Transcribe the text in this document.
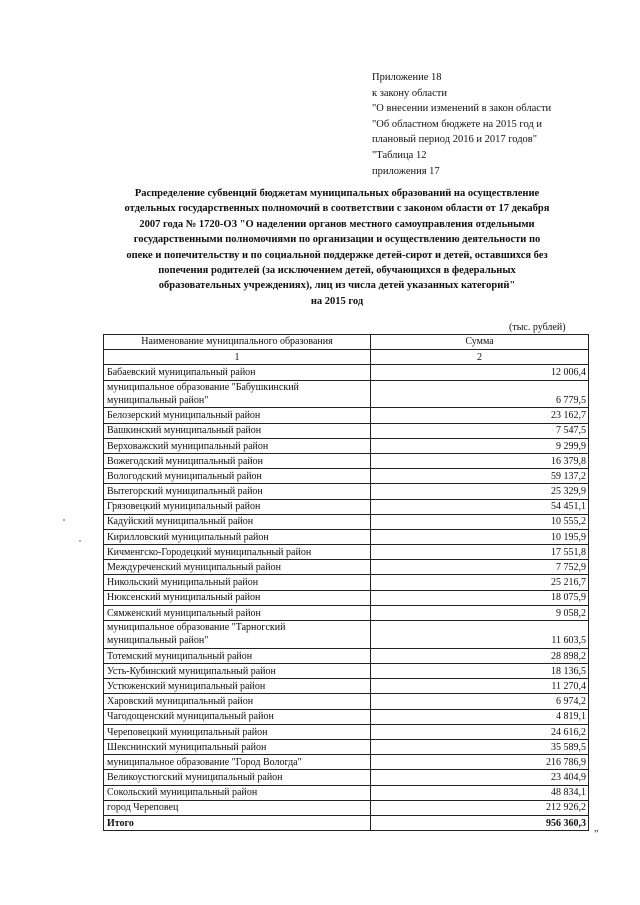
Приложение 18
к закону области
"О внесении изменений в закон области
"Об областном бюджете на 2015 год и
плановый период 2016 и 2017 годов"
"Таблица 12
приложения 17
Распределение субвенций бюджетам муниципальных образований на осуществление
отдельных государственных полномочий в соответствии с законом области от 17 декабря
2007 года № 1720-ОЗ "О наделении органов местного самоуправления отдельными
государственными полномочиями по организации и осуществлению деятельности по
опеке и попечительству и по социальной поддержке детей-сирот и детей, оставшихся без
попечения родителей (за исключением детей, обучающихся в федеральных
образовательных учреждениях), лиц из числа детей указанных категорий"
на 2015 год
(тыс. рублей)
Наименование муниципального образования	Сумма
1	2

Бабаевский муниципальный район	12 006,4

муниципальное образование "Бабушкинский
муниципальный район"	6 779,5

Белозерский муниципальный район	23 162,7

Вашкинский муниципальный район	7 547,5

Верховажский муниципальный район	9 299,9

Вожегодский муниципальный район	16 379,8

Вологодский муниципальный район	59 137,2

Вытегорский муниципальный район	25 329,9

Грязовецкий муниципальный район	54 451,1

Кадуйский муниципальный район	10 555,2

Кирилловский муниципальный район	10 195,9

Кичменгско-Городецкий муниципальный район	17 551,8

Междуреченский муниципальный район	7 752,9

Никольский муниципальный район	25 216,7

Нюксенский муниципальный район	18 075,9

Сямженский муниципальный район	9 058,2

муниципальное образование "Тарногский
муниципальный район"	11 603,5

Тотемский муниципальный район	28 898,2

Усть-Кубинский муниципальный район	18 136,5

Устюженский муниципальный район	11 270,4

Харовский муниципальный район	6 974,2

Чагодощенский муниципальный район	4 819,1

Череповецкий муниципальный район	24 616,2

Шекснинский муниципальный район	35 589,5

муниципальное образование "Город Вологда"	216 786,9

Великоустюгский муниципальный район	23 404,9

Сокольский муниципальный район	48 834,1

город Череповец	212 926,2
Итого	956 360,3
"
